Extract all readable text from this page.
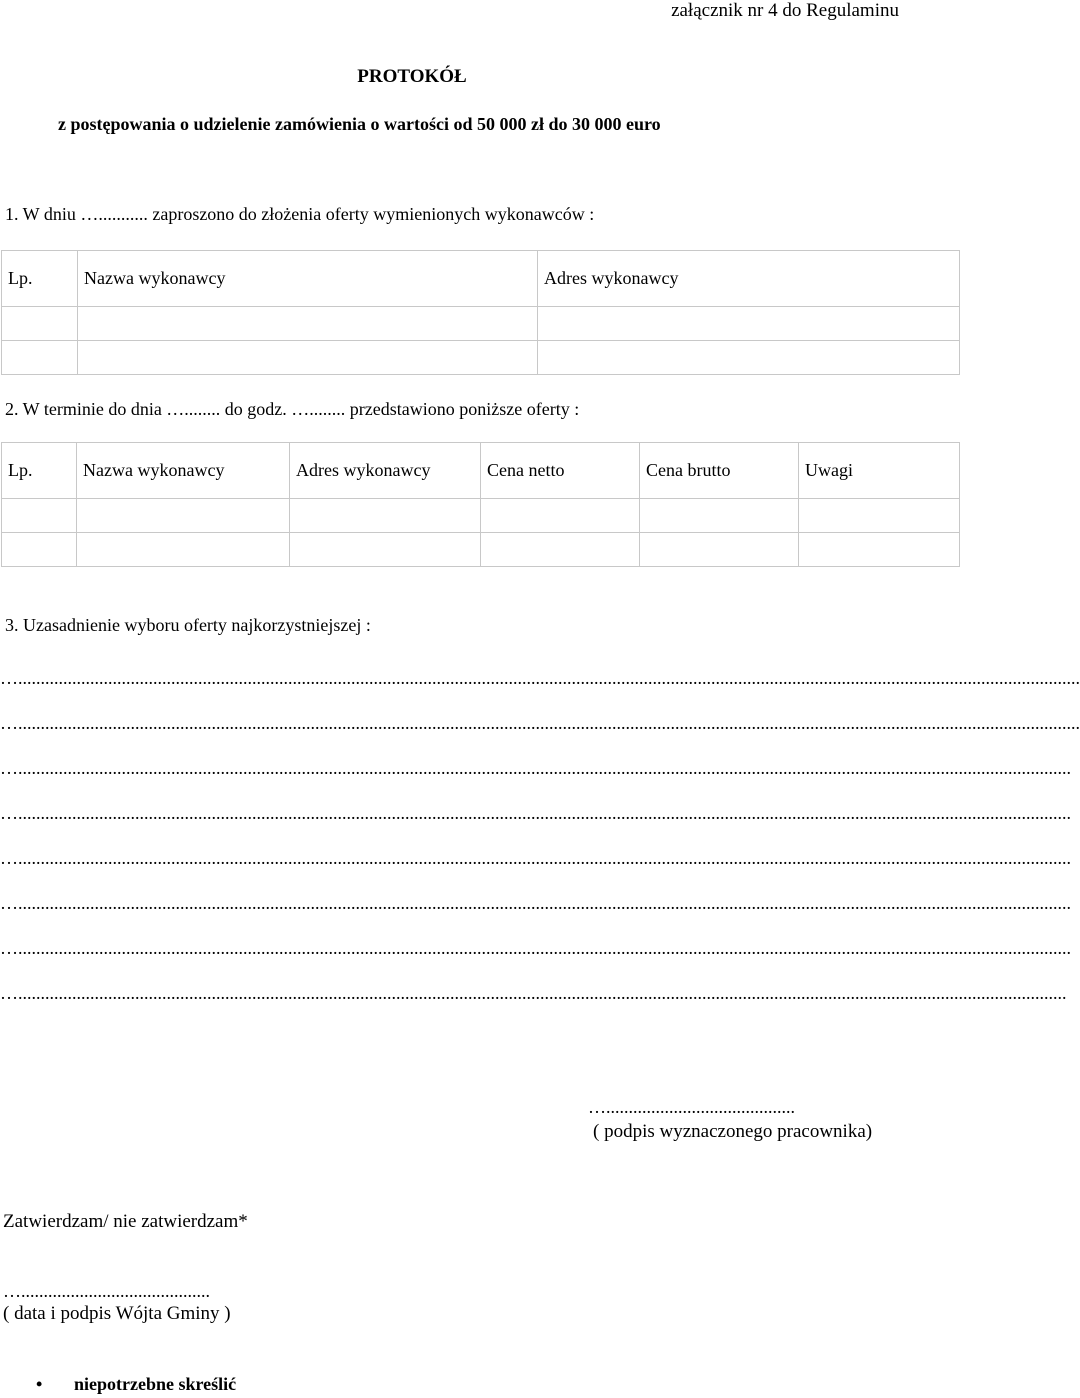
załącznik nr 4 do Regulaminu
PROTOKÓŁ
z postępowania o udzielenie zamówienia o wartości od 50 000 zł do 30 000 euro
1. W dniu …........... zaproszono do złożenia oferty wymienionych wykonawców :
Lp.	Nazwa wykonawcy	Adres wykonawcy

2. W terminie do dnia …........ do godz. …........ przedstawiono poniższe oferty :
Lp.	Nazwa wykonawcy	Adres wykonawcy	Cena netto	Cena brutto	Uwagi

3. Uzasadnienie wyboru oferty najkorzystniejszej :
…............................................................................................................................................................................................................................................
…............................................................................................................................................................................................................................................
…..........................................................................................................................................................................................................................................
…..........................................................................................................................................................................................................................................
…..........................................................................................................................................................................................................................................
…..........................................................................................................................................................................................................................................
…..........................................................................................................................................................................................................................................
….........................................................................................................................................................................................................................................
…..........................................
( podpis wyznaczonego pracownika)
Zatwierdzam/ nie zatwierdzam*
…..........................................
( data i podpis Wójta Gminy )
• niepotrzebne skreślić
